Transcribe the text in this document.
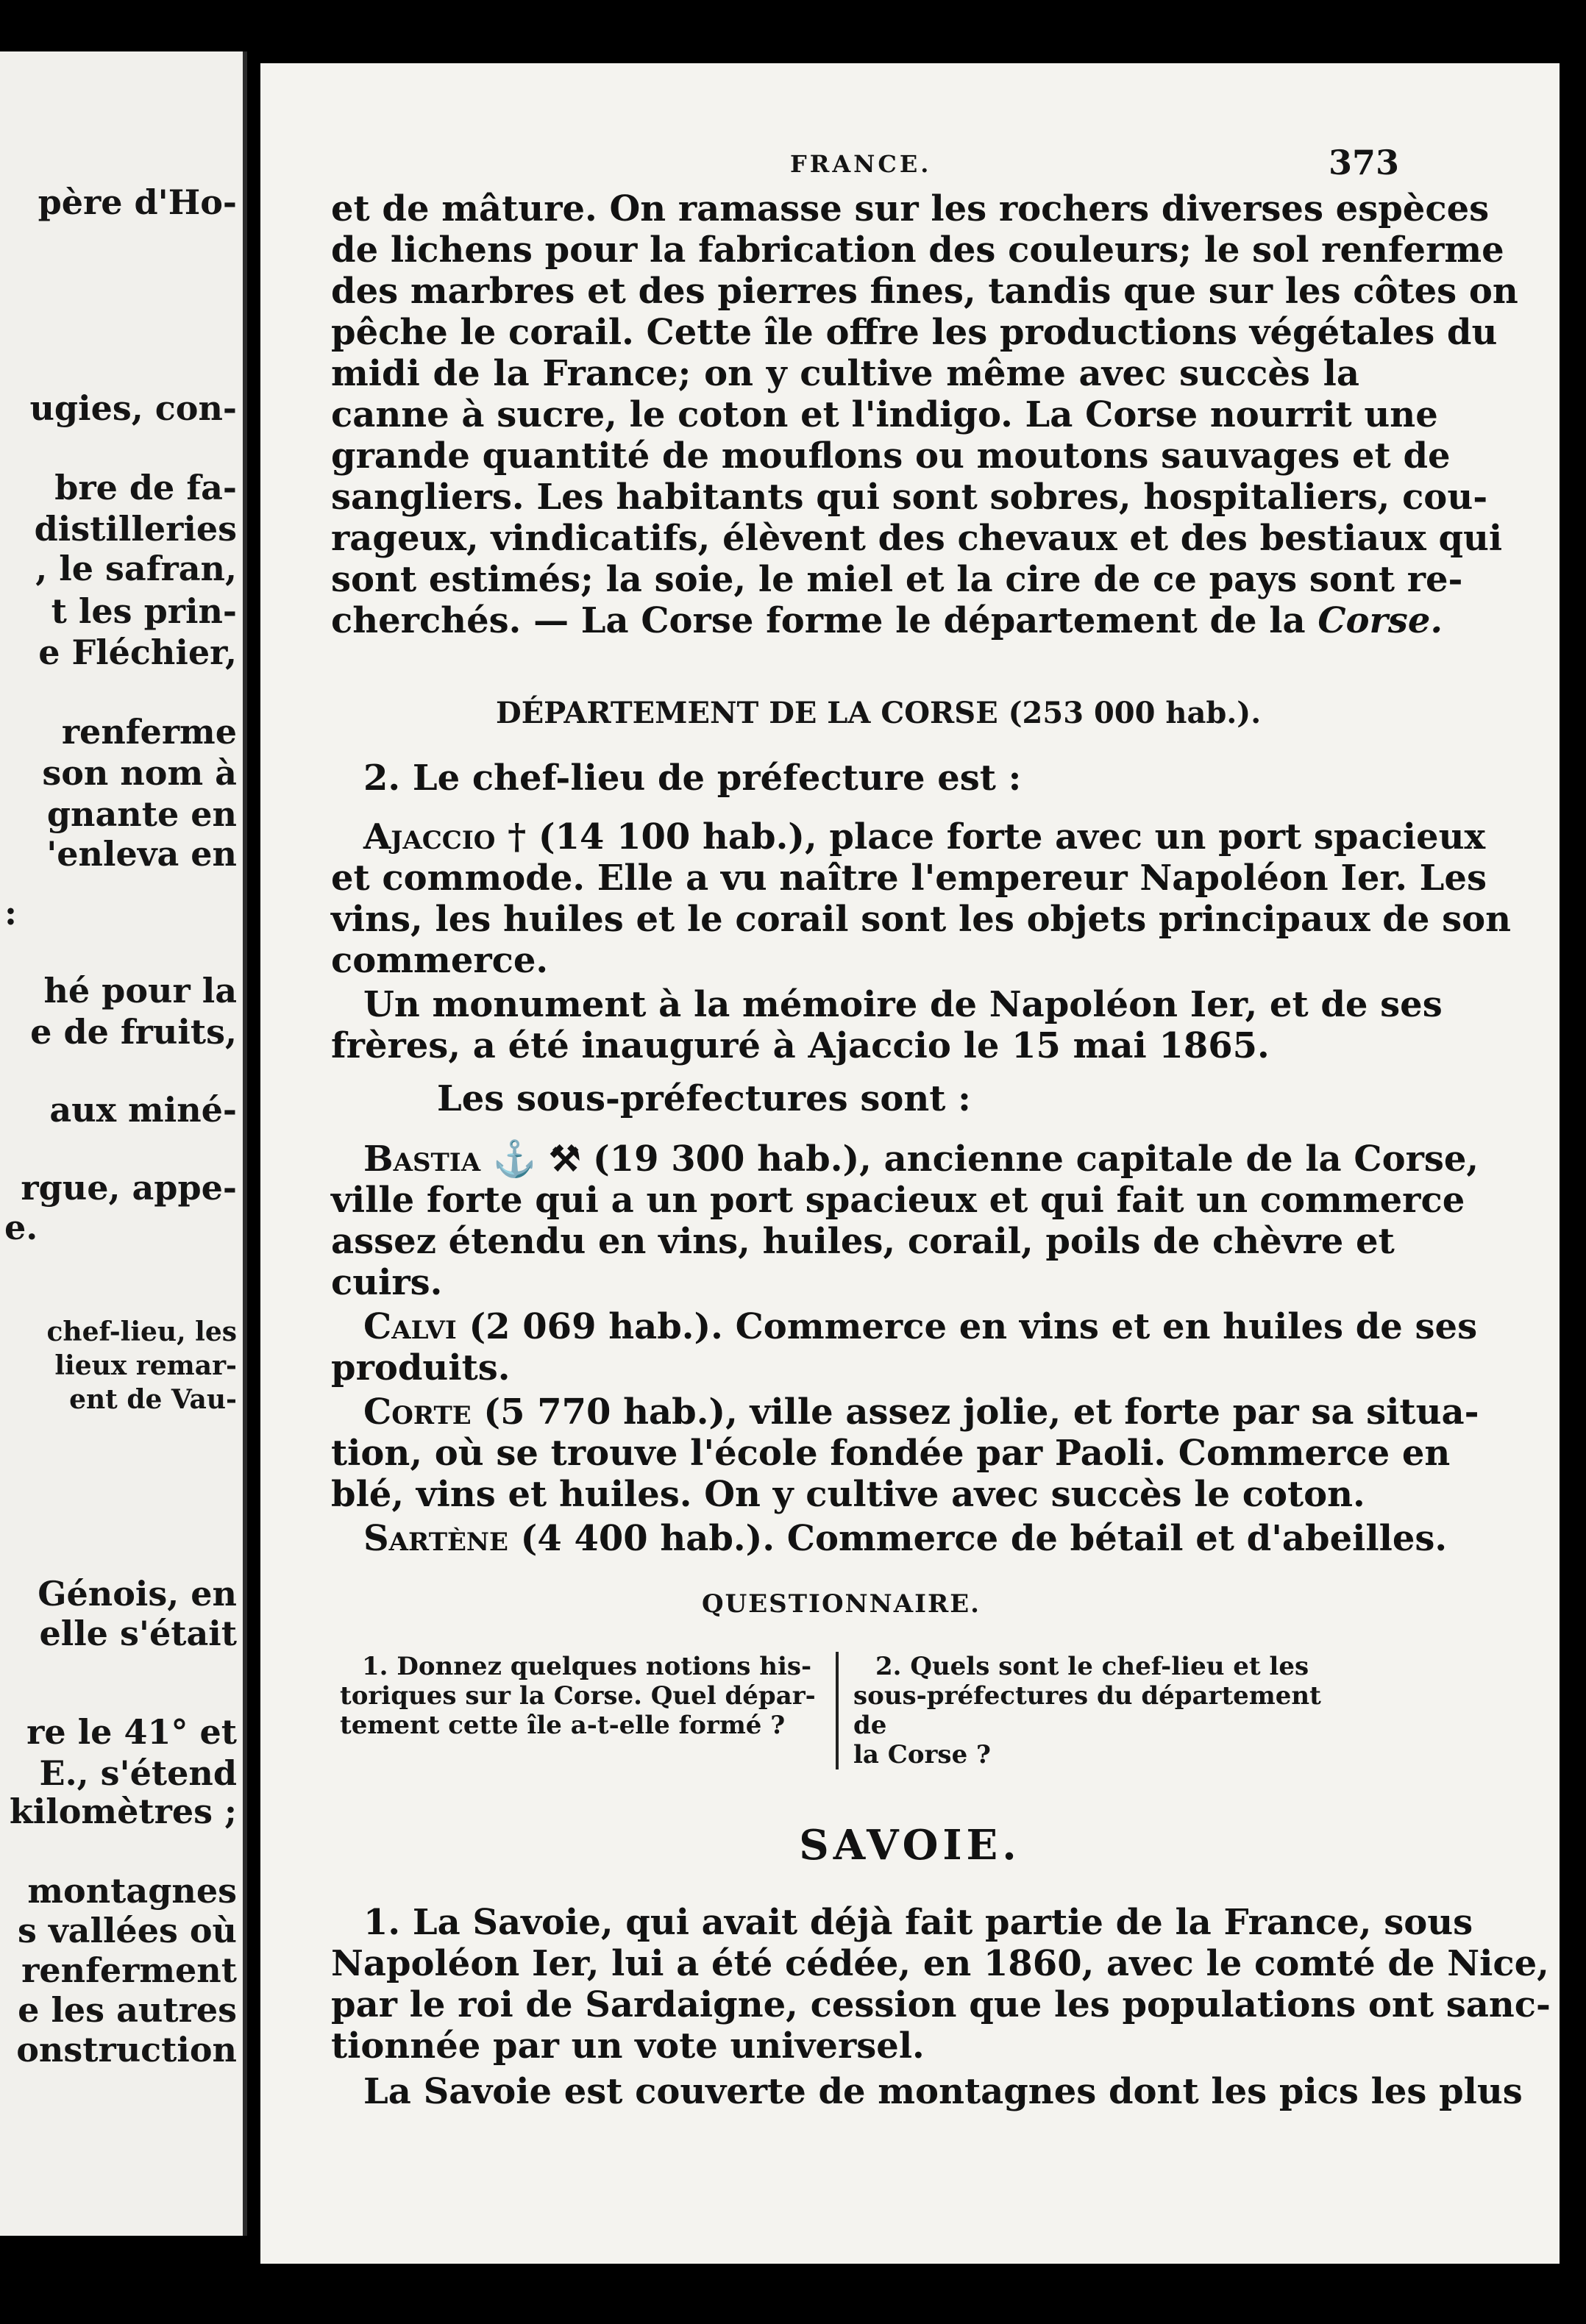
père d'Ho-
ugies, con-
bre de fa-
distilleries
, le safran,
t les prin-
e Fléchier,
renferme
son nom à
gnante en
'enleva en
:
hé pour la
e de fruits,
aux miné-
rgue, appe-
e.
chef-lieu, les
lieux remar-
ent de Vau-
Génois, en
elle s'était
re le 41° et
E., s'étend
kilomètres ;
montagnes
s vallées où
renferment
e les autres
onstruction
FRANCE.	373
et de mâture. On ramasse sur les rochers diverses espèces
de lichens pour la fabrication des couleurs; le sol renferme
des marbres et des pierres fines, tandis que sur les côtes on
pêche le corail. Cette île offre les productions végétales du
midi de la France; on y cultive même avec succès la
canne à sucre, le coton et l'indigo. La Corse nourrit une
grande quantité de mouflons ou moutons sauvages et de
sangliers. Les habitants qui sont sobres, hospitaliers, cou-
rageux, vindicatifs, élèvent des chevaux et des bestiaux qui
sont estimés; la soie, le miel et la cire de ce pays sont re-
cherchés. — La Corse forme le département de la Corse.
DÉPARTEMENT DE LA CORSE (253 000 hab.).
2. Le chef-lieu de préfecture est :
Ajaccio † (14 100 hab.), place forte avec un port spacieux
et commode. Elle a vu naître l'empereur Napoléon Ier. Les
vins, les huiles et le corail sont les objets principaux de son
commerce.
Un monument à la mémoire de Napoléon Ier, et de ses
frères, a été inauguré à Ajaccio le 15 mai 1865.
Les sous-préfectures sont :
Bastia ⚓ ⚒ (19 300 hab.), ancienne capitale de la Corse,
ville forte qui a un port spacieux et qui fait un commerce
assez étendu en vins, huiles, corail, poils de chèvre et
cuirs.
Calvi (2 069 hab.). Commerce en vins et en huiles de ses
produits.
Corte (5 770 hab.), ville assez jolie, et forte par sa situa-
tion, où se trouve l'école fondée par Paoli. Commerce en
blé, vins et huiles. On y cultive avec succès le coton.
Sartène (4 400 hab.). Commerce de bétail et d'abeilles.
QUESTIONNAIRE.
1. Donnez quelques notions his-
toriques sur la Corse. Quel dépar-
tement cette île a-t-elle formé ?
2. Quels sont le chef-lieu et les
sous-préfectures du département de
la Corse ?
SAVOIE.
1. La Savoie, qui avait déjà fait partie de la France, sous
Napoléon Ier, lui a été cédée, en 1860, avec le comté de Nice,
par le roi de Sardaigne, cession que les populations ont sanc-
tionnée par un vote universel.
La Savoie est couverte de montagnes dont les pics les plus
